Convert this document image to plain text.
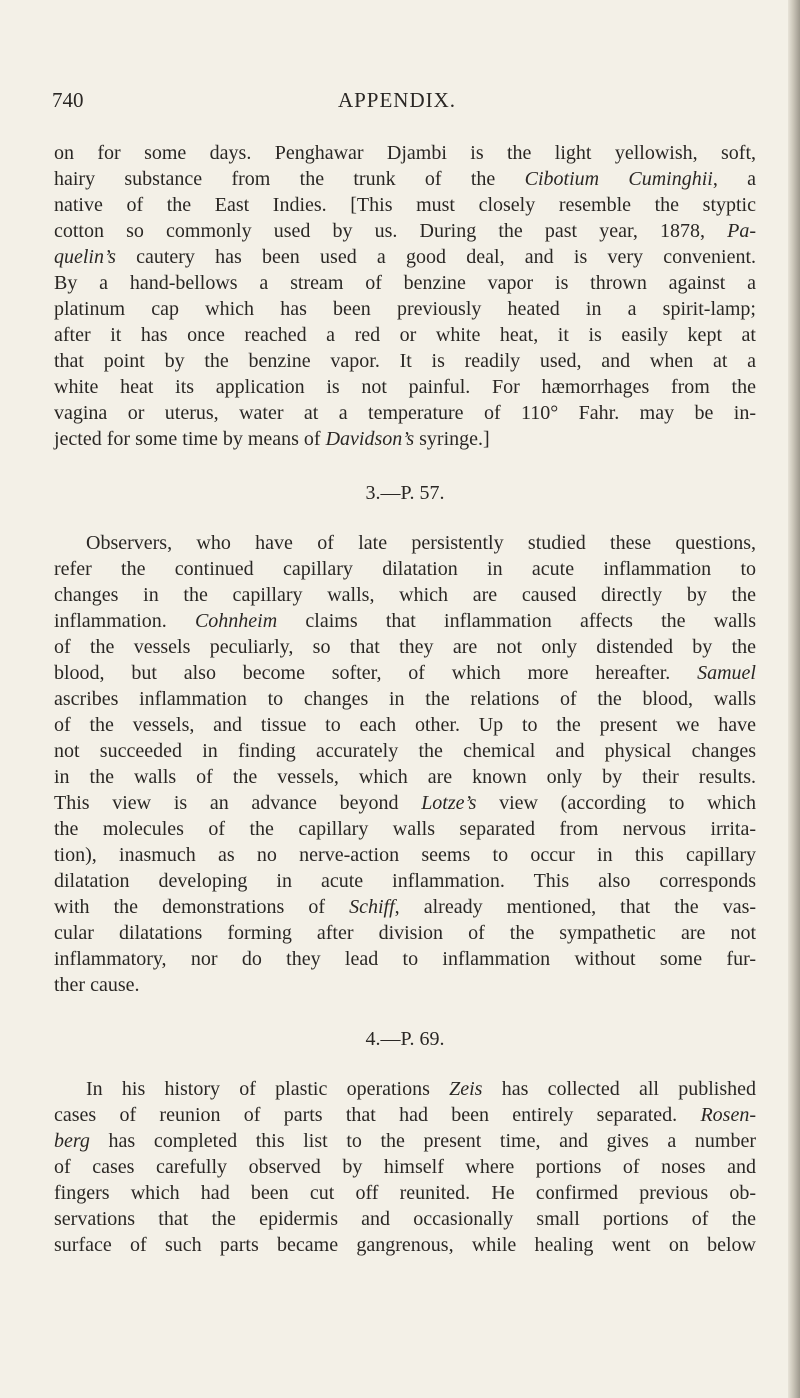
740	APPENDIX.
on for some days. Penghawar Djambi is the light yellowish, soft,
hairy substance from the trunk of the Cibotium Cuminghii, a
native of the East Indies. [This must closely resemble the styptic
cotton so commonly used by us. During the past year, 1878, Pa-
quelin’s cautery has been used a good deal, and is very convenient.
By a hand-bellows a stream of benzine vapor is thrown against a
platinum cap which has been previously heated in a spirit-lamp;
after it has once reached a red or white heat, it is easily kept at
that point by the benzine vapor. It is readily used, and when at a
white heat its application is not painful. For hæmorrhages from the
vagina or uterus, water at a temperature of 110° Fahr. may be in-
jected for some time by means of Davidson’s syringe.]
3.—P. 57.
Observers, who have of late persistently studied these questions,
refer the continued capillary dilatation in acute inflammation to
changes in the capillary walls, which are caused directly by the
inflammation. Cohnheim claims that inflammation affects the walls
of the vessels peculiarly, so that they are not only distended by the
blood, but also become softer, of which more hereafter. Samuel
ascribes inflammation to changes in the relations of the blood, walls
of the vessels, and tissue to each other. Up to the present we have
not succeeded in finding accurately the chemical and physical changes
in the walls of the vessels, which are known only by their results.
This view is an advance beyond Lotze’s view (according to which
the molecules of the capillary walls separated from nervous irrita-
tion), inasmuch as no nerve-action seems to occur in this capillary
dilatation developing in acute inflammation. This also corresponds
with the demonstrations of Schiff, already mentioned, that the vas-
cular dilatations forming after division of the sympathetic are not
inflammatory, nor do they lead to inflammation without some fur-
ther cause.
4.—P. 69.
In his history of plastic operations Zeis has collected all published
cases of reunion of parts that had been entirely separated. Rosen-
berg has completed this list to the present time, and gives a number
of cases carefully observed by himself where portions of noses and
fingers which had been cut off reunited. He confirmed previous ob-
servations that the epidermis and occasionally small portions of the
surface of such parts became gangrenous, while healing went on below
